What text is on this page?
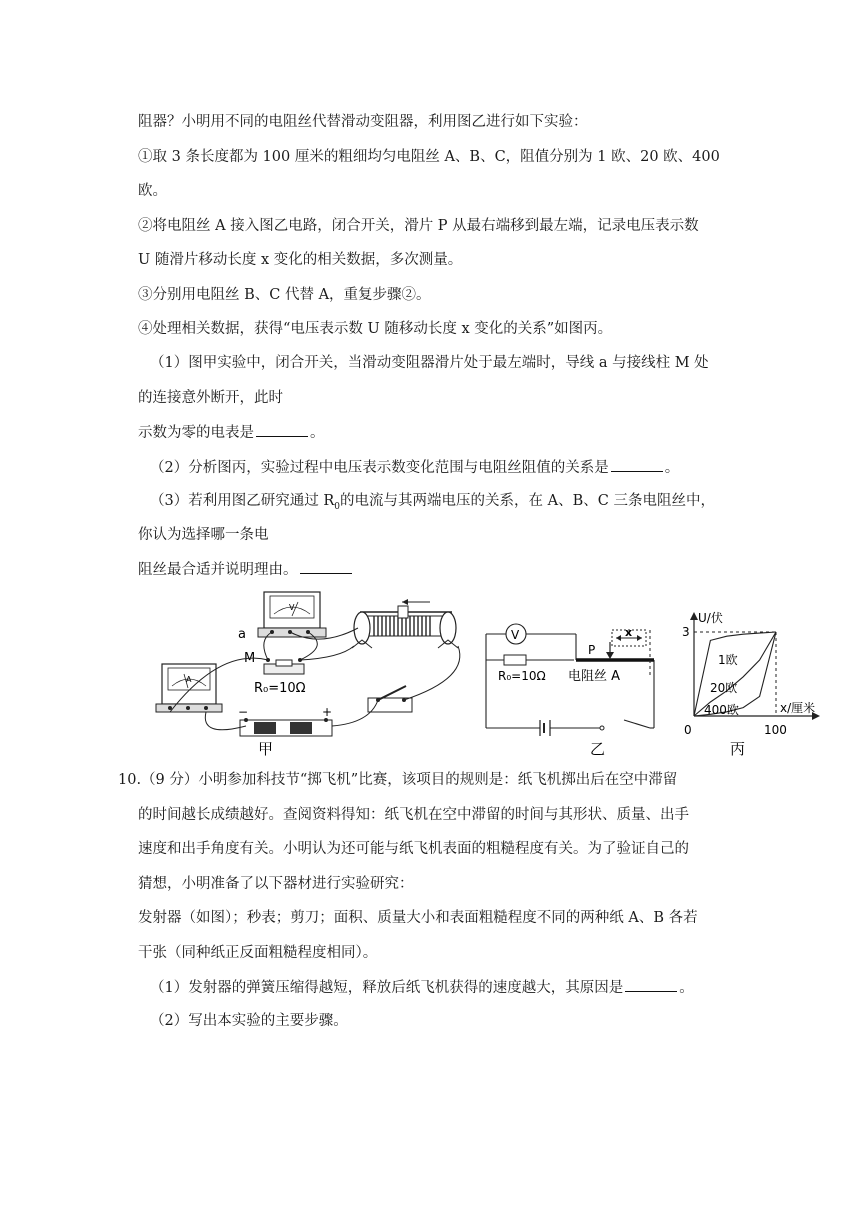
阻器？小明用不同的电阻丝代替滑动变阻器，利用图乙进行如下实验：
①取 3 条长度都为 100 厘米的粗细均匀电阻丝 A、B、C，阻值分别为 1 欧、20 欧、400
欧。
②将电阻丝 A 接入图乙电路，闭合开关，滑片 P 从最右端移到最左端，记录电压表示数
U 随滑片移动长度 x 变化的相关数据，多次测量。
③分别用电阻丝 B、C 代替 A，重复步骤②。
④处理相关数据，获得“电压表示数 U 随移动长度 x 变化的关系”如图丙。
（1）图甲实验中，闭合开关，当滑动变阻器滑片处于最左端时，导线 a 与接线柱 M 处
的连接意外断开，此时
示数为零的电表是	。
（2）分析图丙，实验过程中电压表示数变化范围与电阻丝阻值的关系是	。
（3）若利用图乙研究通过 $R_0$的电流与其两端电压的关系，在 A、B、C 三条电阻丝中，
你认为选择哪一条电
阻丝最合适并说明理由。
V
A
a
M
R₀=10Ω
−	+
甲
V
R₀=10Ω
P
x
电阻丝 A
乙
U/伏
x/厘米
3
0	100
1欧
20欧
400欧
丙
10.（9 分）小明参加科技节“掷飞机”比赛，该项目的规则是：纸飞机掷出后在空中滞留
的时间越长成绩越好。查阅资料得知：纸飞机在空中滞留的时间与其形状、质量、出手
速度和出手角度有关。小明认为还可能与纸飞机表面的粗糙程度有关。为了验证自己的
猜想，小明准备了以下器材进行实验研究：
发射器（如图）；秒表；剪刀；面积、质量大小和表面粗糙程度不同的两种纸 A、B 各若
干张（同种纸正反面粗糙程度相同）。
（1）发射器的弹簧压缩得越短，释放后纸飞机获得的速度越大，其原因是	。
（2）写出本实验的主要步骤。
